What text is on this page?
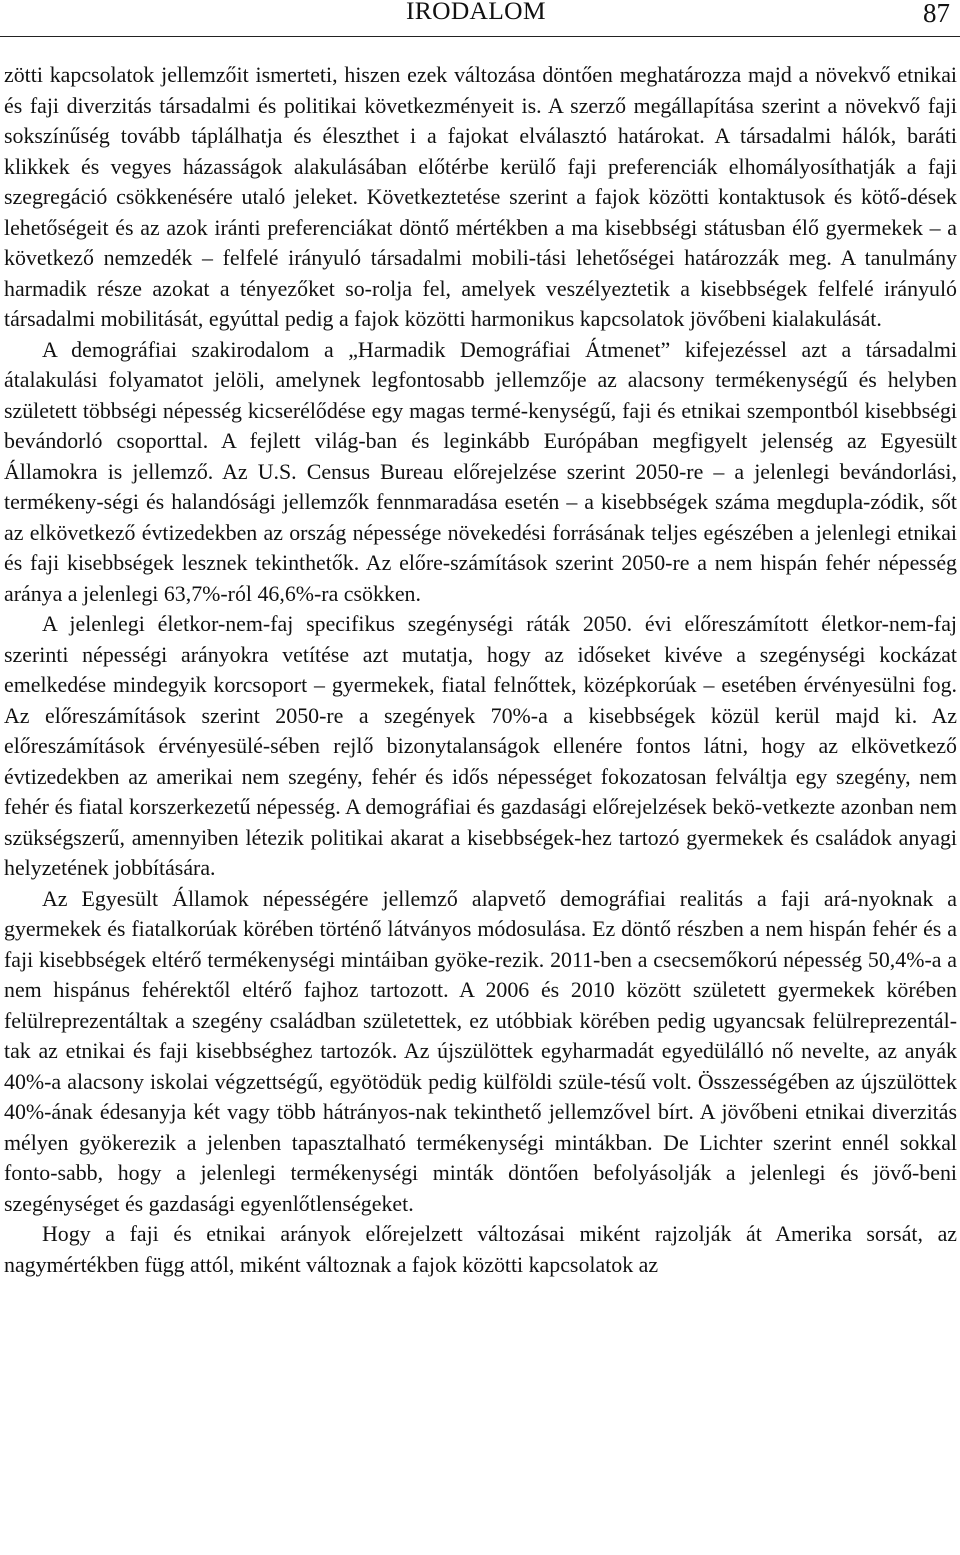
IRODALOM	87

zötti kapcsolatok jellemzőit ismerteti, hiszen ezek változása döntően meghatározza majd a növekvő etnikai és faji diverzitás társadalmi és politikai következményeit is. A szerző megállapítása szerint a növekvő faji sokszínűség tovább táplálhatja és éleszthet i a fajokat elválasztó határokat. A társadalmi hálók, baráti klikkek és vegyes házasságok alakulásában előtérbe kerülő faji preferenciák elhomályosíthatják a faji szegregáció csökkenésére utaló jeleket. Következtetése szerint a fajok közötti kontaktusok és kötő-dések lehetőségeit és az azok iránti preferenciákat döntő mértékben a ma kisebbségi státusban élő gyermekek – a következő nemzedék – felfelé irányuló társadalmi mobili-tási lehetőségei határozzák meg. A tanulmány harmadik része azokat a tényezőket so-rolja fel, amelyek veszélyeztetik a kisebbségek felfelé irányuló társadalmi mobilitását, egyúttal pedig a fajok közötti harmonikus kapcsolatok jövőbeni kialakulását.

A demográfiai szakirodalom a „Harmadik Demográfiai Átmenet” kifejezéssel azt a társadalmi átalakulási folyamatot jelöli, amelynek legfontosabb jellemzője az alacsony termékenységű és helyben született többségi népesség kicserélődése egy magas termé-kenységű, faji és etnikai szempontból kisebbségi bevándorló csoporttal. A fejlett világ-ban és leginkább Európában megfigyelt jelenség az Egyesült Államokra is jellemző. Az U.S. Census Bureau előrejelzése szerint 2050-re – a jelenlegi bevándorlási, termékeny-ségi és halandósági jellemzők fennmaradása esetén – a kisebbségek száma megdupla-zódik, sőt az elkövetkező évtizedekben az ország népessége növekedési forrásának teljes egészében a jelenlegi etnikai és faji kisebbségek lesznek tekinthetők. Az előre-számítások szerint 2050-re a nem hispán fehér népesség aránya a jelenlegi 63,7%-ról 46,6%-ra csökken.

A jelenlegi életkor-nem-faj specifikus szegénységi ráták 2050. évi előreszámított életkor-nem-faj szerinti népességi arányokra vetítése azt mutatja, hogy az időseket kivéve a szegénységi kockázat emelkedése mindegyik korcsoport – gyermekek, fiatal felnőttek, középkorúak – esetében érvényesülni fog. Az előreszámítások szerint 2050-re a szegények 70%-a a kisebbségek közül kerül majd ki. Az előreszámítások érvényesülé-sében rejlő bizonytalanságok ellenére fontos látni, hogy az elkövetkező évtizedekben az amerikai nem szegény, fehér és idős népességet fokozatosan felváltja egy szegény, nem fehér és fiatal korszerkezetű népesség. A demográfiai és gazdasági előrejelzések bekö-vetkezte azonban nem szükségszerű, amennyiben létezik politikai akarat a kisebbségek-hez tartozó gyermekek és családok anyagi helyzetének jobbítására.

Az Egyesült Államok népességére jellemző alapvető demográfiai realitás a faji ará-nyoknak a gyermekek és fiatalkorúak körében történő látványos módosulása. Ez döntő részben a nem hispán fehér és a faji kisebbségek eltérő termékenységi mintáiban gyöke-rezik. 2011-ben a csecsemőkorú népesség 50,4%-a a nem hispánus fehérektől eltérő fajhoz tartozott. A 2006 és 2010 között született gyermekek körében felülreprezentáltak a szegény családban születettek, ez utóbbiak körében pedig ugyancsak felülreprezentál-tak az etnikai és faji kisebbséghez tartozók. Az újszülöttek egyharmadát egyedülálló nő nevelte, az anyák 40%-a alacsony iskolai végzettségű, egyötödük pedig külföldi szüle-tésű volt. Összességében az újszülöttek 40%-ának édesanyja két vagy több hátrányos-nak tekinthető jellemzővel bírt. A jövőbeni etnikai diverzitás mélyen gyökerezik a jelenben tapasztalható termékenységi mintákban. De Lichter szerint ennél sokkal fonto-sabb, hogy a jelenlegi termékenységi minták döntően befolyásolják a jelenlegi és jövő-beni szegénységet és gazdasági egyenlőtlenségeket.

Hogy a faji és etnikai arányok előrejelzett változásai miként rajzolják át Amerika sorsát, az nagymértékben függ attól, miként változnak a fajok közötti kapcsolatok az
